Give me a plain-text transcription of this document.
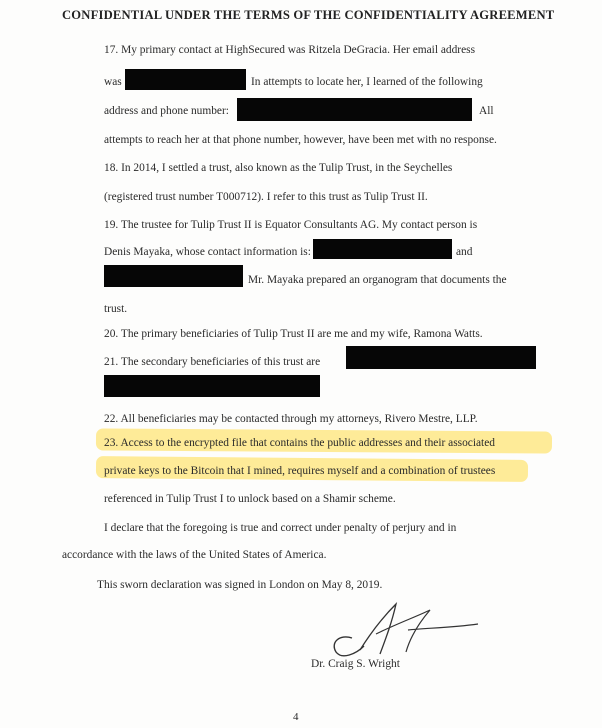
CONFIDENTIAL UNDER THE TERMS OF THE CONFIDENTIALITY AGREEMENT
17. My primary contact at HighSecured was Ritzela DeGracia. Her email address
was	In attempts to locate her, I learned of the following
address and phone number:	All
attempts to reach her at that phone number, however, have been met with no response.
18. In 2014, I settled a trust, also known as the Tulip Trust, in the Seychelles
(registered trust number T000712). I refer to this trust as Tulip Trust II.
19. The trustee for Tulip Trust II is Equator Consultants AG. My contact person is
Denis Mayaka, whose contact information is:	and
Mr. Mayaka prepared an organogram that documents the
trust.
20. The primary beneficiaries of Tulip Trust II are me and my wife, Ramona Watts.
21. The secondary beneficiaries of this trust are
22. All beneficiaries may be contacted through my attorneys, Rivero Mestre, LLP.
23. Access to the encrypted file that contains the public addresses and their associated
private keys to the Bitcoin that I mined, requires myself and a combination of trustees
referenced in Tulip Trust I to unlock based on a Shamir scheme.
I declare that the foregoing is true and correct under penalty of perjury and in
accordance with the laws of the United States of America.
This sworn declaration was signed in London on May 8, 2019.
Dr. Craig S. Wright
4
